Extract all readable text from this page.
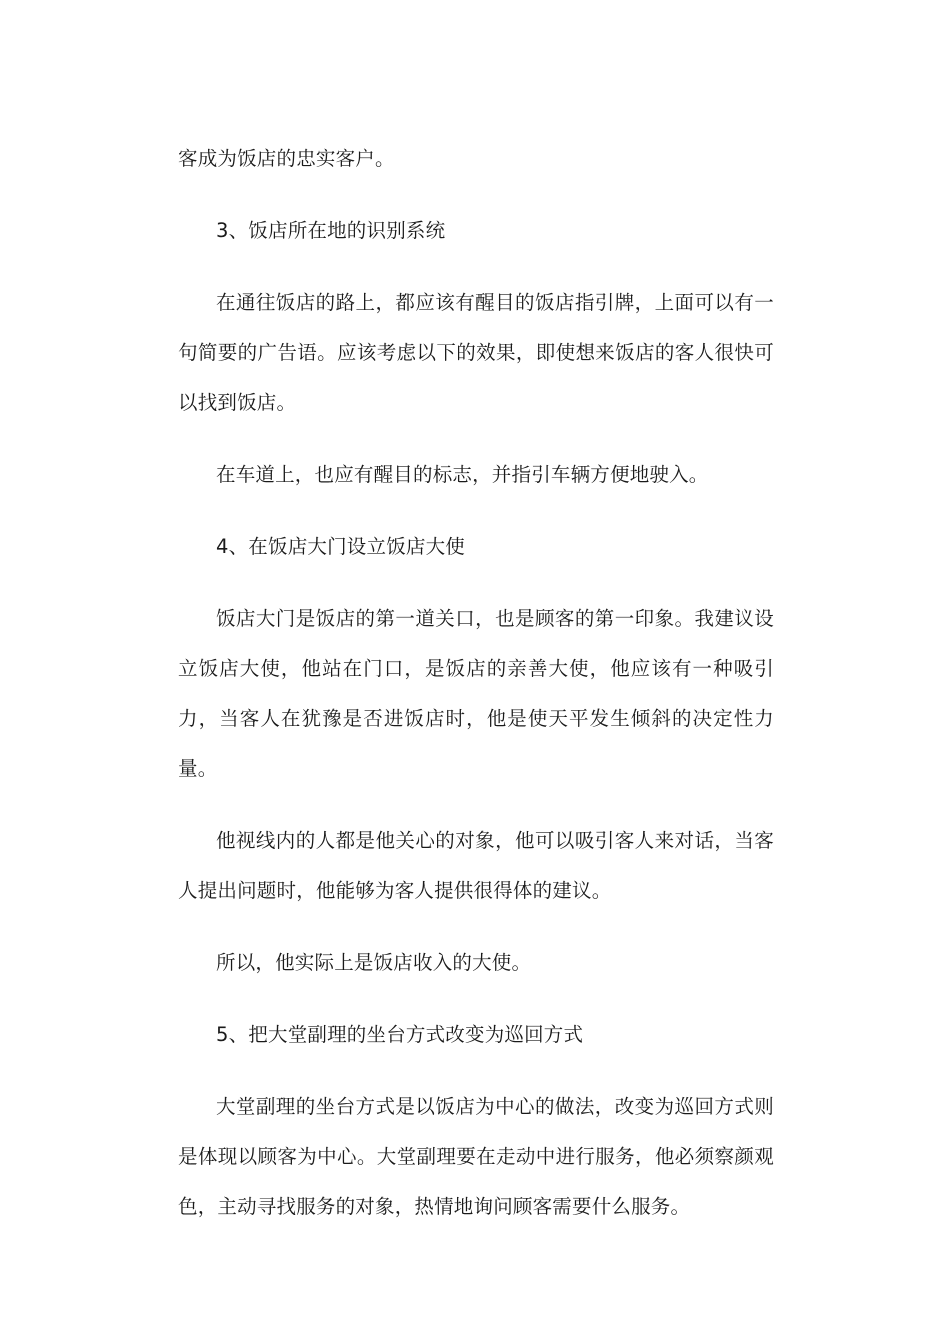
客成为饭店的忠实客户。

3、饭店所在地的识别系统

在通往饭店的路上，都应该有醒目的饭店指引牌，上面可以有一句简要的广告语。应该考虑以下的效果，即使想来饭店的客人很快可以找到饭店。

在车道上，也应有醒目的标志，并指引车辆方便地驶入。

4、在饭店大门设立饭店大使

饭店大门是饭店的第一道关口，也是顾客的第一印象。我建议设立饭店大使，他站在门口，是饭店的亲善大使，他应该有一种吸引力，当客人在犹豫是否进饭店时，他是使天平发生倾斜的决定性力量。

他视线内的人都是他关心的对象，他可以吸引客人来对话，当客人提出问题时，他能够为客人提供很得体的建议。

所以，他实际上是饭店收入的大使。

5、把大堂副理的坐台方式改变为巡回方式

大堂副理的坐台方式是以饭店为中心的做法，改变为巡回方式则是体现以顾客为中心。大堂副理要在走动中进行服务，他必须察颜观色，主动寻找服务的对象，热情地询问顾客需要什么服务。
